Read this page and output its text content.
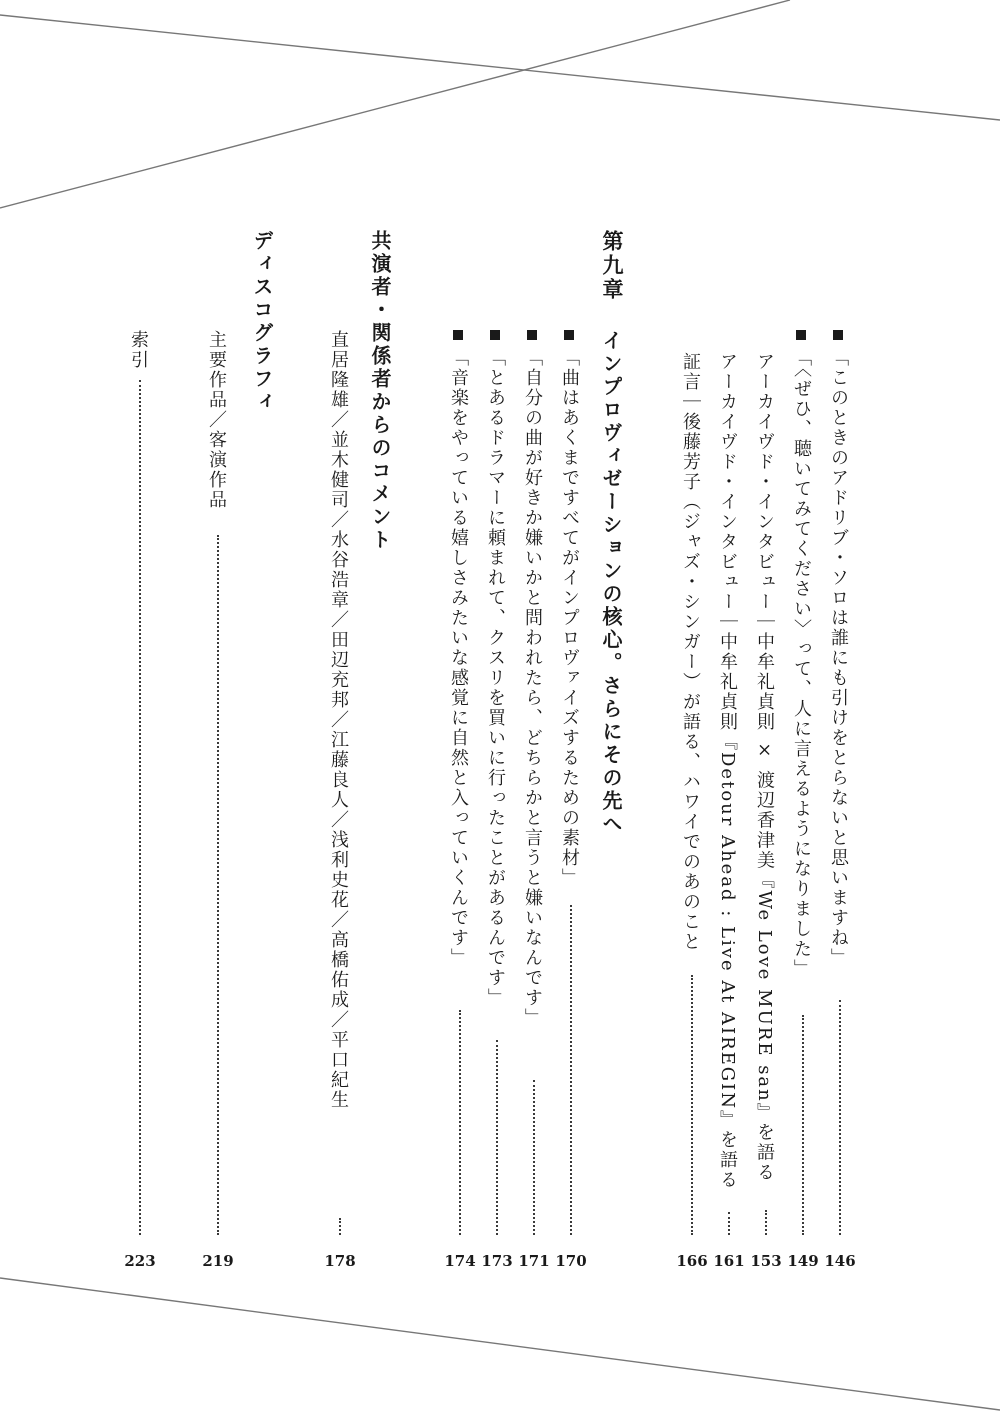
「このときのアドリブ・ソロは誰にも引けをとらないと思いますね」
146
「〈ぜひ、聴いてみてください〉って、人に言えるようになりました」
149
アーカイヴド・インタビュー｜中牟礼貞則 × 渡辺香津美『We Love MURE san』を語る
153
アーカイヴド・インタビュー｜中牟礼貞則『Detour Ahead : Live At AIREGIN』を語る
161
証言｜後藤芳子（ジャズ・シンガー）が語る、ハワイでのあのこと
166
第九章
インプロヴィゼーションの核心。さらにその先へ
「曲はあくまですべてがインプロヴァイズするための素材」
170
「自分の曲が好きか嫌いかと問われたら、どちらかと言うと嫌いなんです」
171
「とあるドラマーに頼まれて、クスリを買いに行ったことがあるんです」
173
「音楽をやっている嬉しさみたいな感覚に自然と入っていくんです」
174
共演者・関係者からのコメント
直居隆雄／並木健司／水谷浩章／田辺充邦／江藤良人／浅利史花／高橋佑成／平口紀生
178
ディスコグラフィ
主要作品／客演作品
219
索引
223
